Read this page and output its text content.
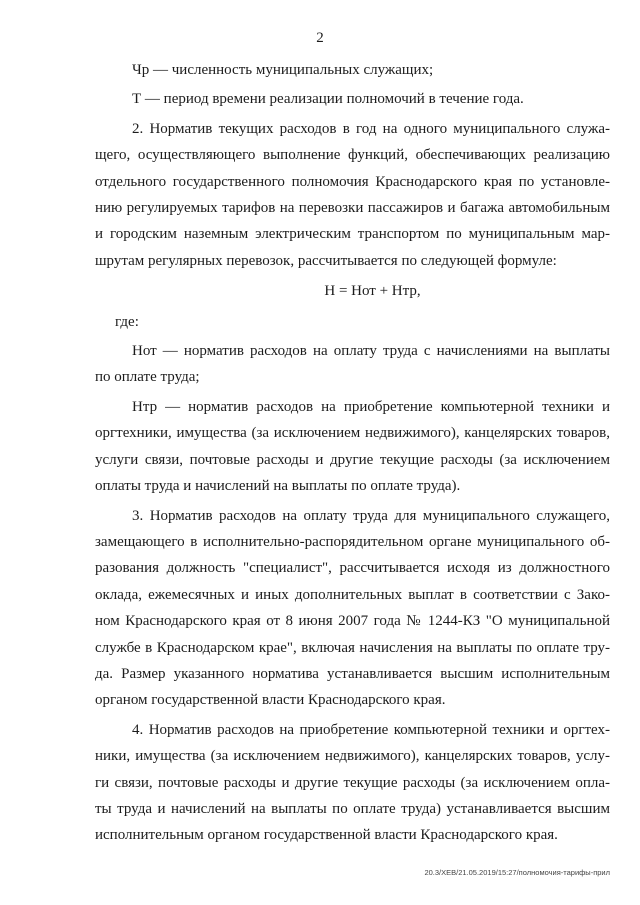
2

Чр — численность муниципальных служащих;

Т — период времени реализации полномочий в течение года.

2. Норматив текущих расходов в год на одного муниципального служа-

щего, осуществляющего выполнение функций, обеспечивающих реализацию

отдельного государственного полномочия Краснодарского края по установле-

нию регулируемых тарифов на перевозки пассажиров и багажа автомобильным

и городским наземным электрическим транспортом по муниципальным мар-

шрутам регулярных перевозок, рассчитывается по следующей формуле:

Н = Нот + Нтр,

где:

Нот — норматив расходов на оплату труда с начислениями на выплаты

по оплате труда;

Нтр — норматив расходов на приобретение компьютерной техники и

оргтехники, имущества (за исключением недвижимого), канцелярских товаров,

услуги связи, почтовые расходы и другие текущие расходы (за исключением

оплаты труда и начислений на выплаты по оплате труда).

3. Норматив расходов на оплату труда для муниципального служащего,

замещающего в исполнительно-распорядительном органе муниципального об-

разования должность "специалист", рассчитывается исходя из должностного

оклада, ежемесячных и иных дополнительных выплат в соответствии с Зако-

ном Краснодарского края от 8 июня 2007 года № 1244-КЗ "О муниципальной

службе в Краснодарском крае", включая начисления на выплаты по оплате тру-

да. Размер указанного норматива устанавливается высшим исполнительным

органом государственной власти Краснодарского края.

4. Норматив расходов на приобретение компьютерной техники и оргтех-

ники, имущества (за исключением недвижимого), канцелярских товаров, услу-

ги связи, почтовые расходы и другие текущие расходы (за исключением опла-

ты труда и начислений на выплаты по оплате труда) устанавливается высшим

исполнительным органом государственной власти Краснодарского края.

20.3/ХЕВ/21.05.2019/15:27/полномочия-тарифы-прил
